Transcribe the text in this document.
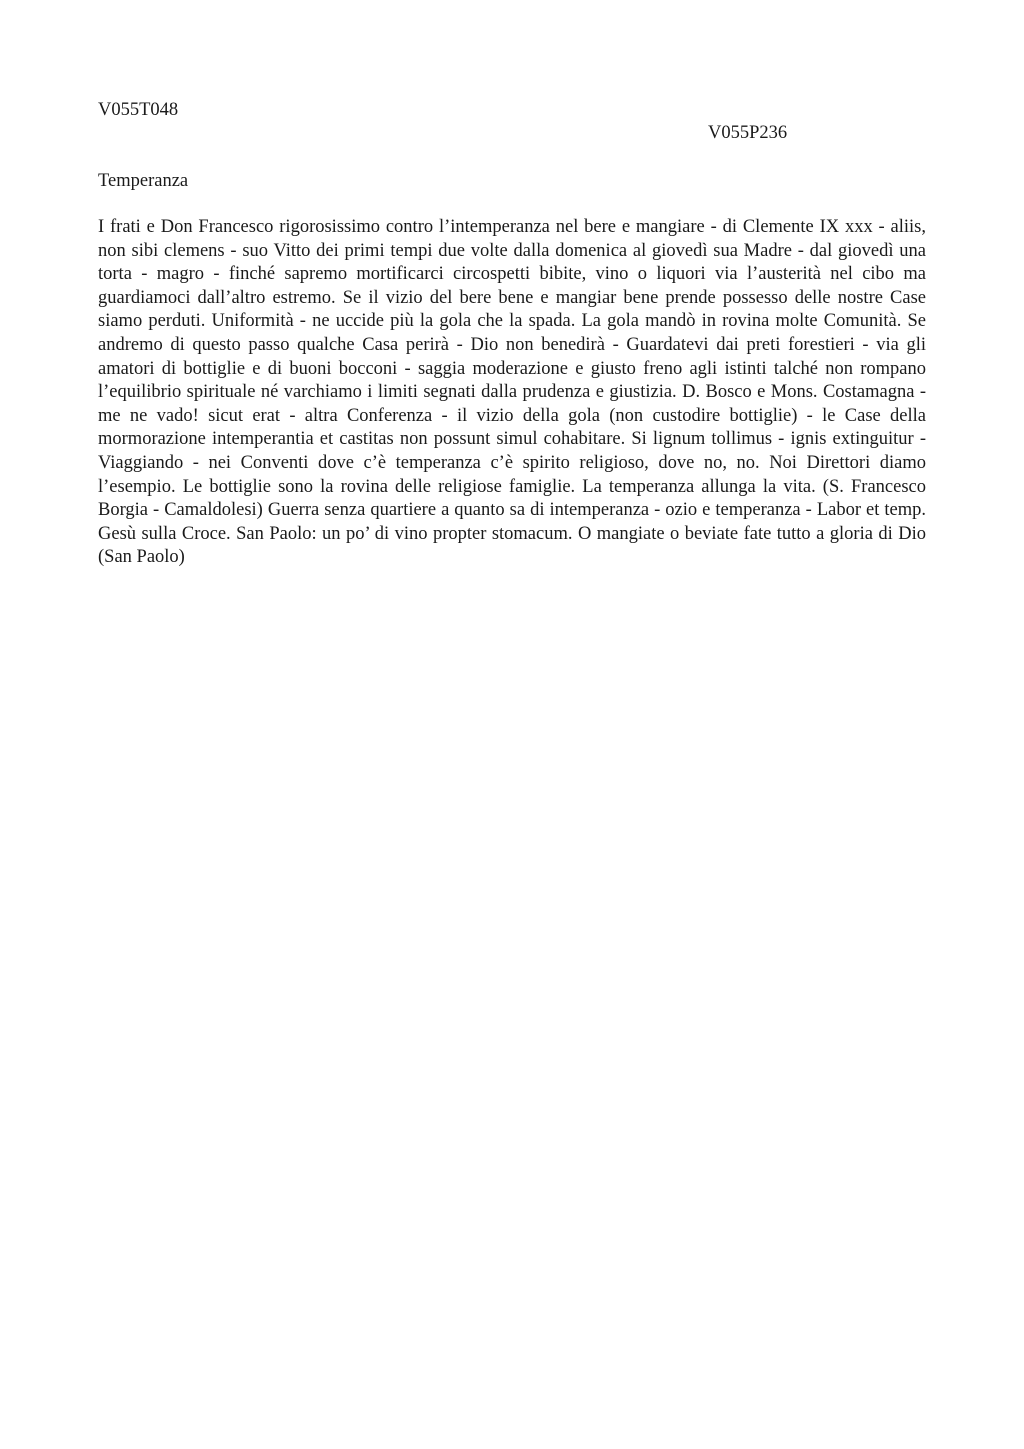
V055T048

V055P236

Temperanza

I frati e Don Francesco rigorosissimo contro l’intemperanza nel bere e mangiare - di Clemente IX xxx - aliis, non sibi clemens - suo Vitto dei primi tempi due volte dalla domenica al giovedì sua Madre - dal giovedì una torta - magro - finché sapremo mortificarci circospetti bibite, vino o liquori via l’austerità nel cibo ma guardiamoci dall’altro estremo. Se il vizio del bere bene e mangiar bene prende possesso delle nostre Case siamo perduti. Uniformità - ne uccide più la gola che la spada. La gola mandò in rovina molte Comunità. Se andremo di questo passo qualche Casa perirà - Dio non benedirà - Guardatevi dai preti forestieri - via gli amatori di bottiglie e di buoni bocconi - saggia moderazione e giusto freno agli istinti talché non rompano l’equilibrio spirituale né varchiamo i limiti segnati dalla prudenza e giustizia. D. Bosco e Mons. Costamagna - me ne vado! sicut erat - altra Conferenza - il vizio della gola (non custodire bottiglie) - le Case della mormorazione intemperantia et castitas non possunt simul cohabitare. Si lignum tollimus - ignis extinguitur - Viaggiando - nei Conventi dove c’è temperanza c’è spirito religioso, dove no, no. Noi Direttori diamo l’esempio. Le bottiglie sono la rovina delle religiose famiglie. La temperanza allunga la vita. (S. Francesco Borgia - Camaldolesi) Guerra senza quartiere a quanto sa di intemperanza - ozio e temperanza - Labor et temp. Gesù sulla Croce. San Paolo: un po’ di vino propter stomacum. O mangiate o beviate fate tutto a gloria di Dio (San Paolo)
